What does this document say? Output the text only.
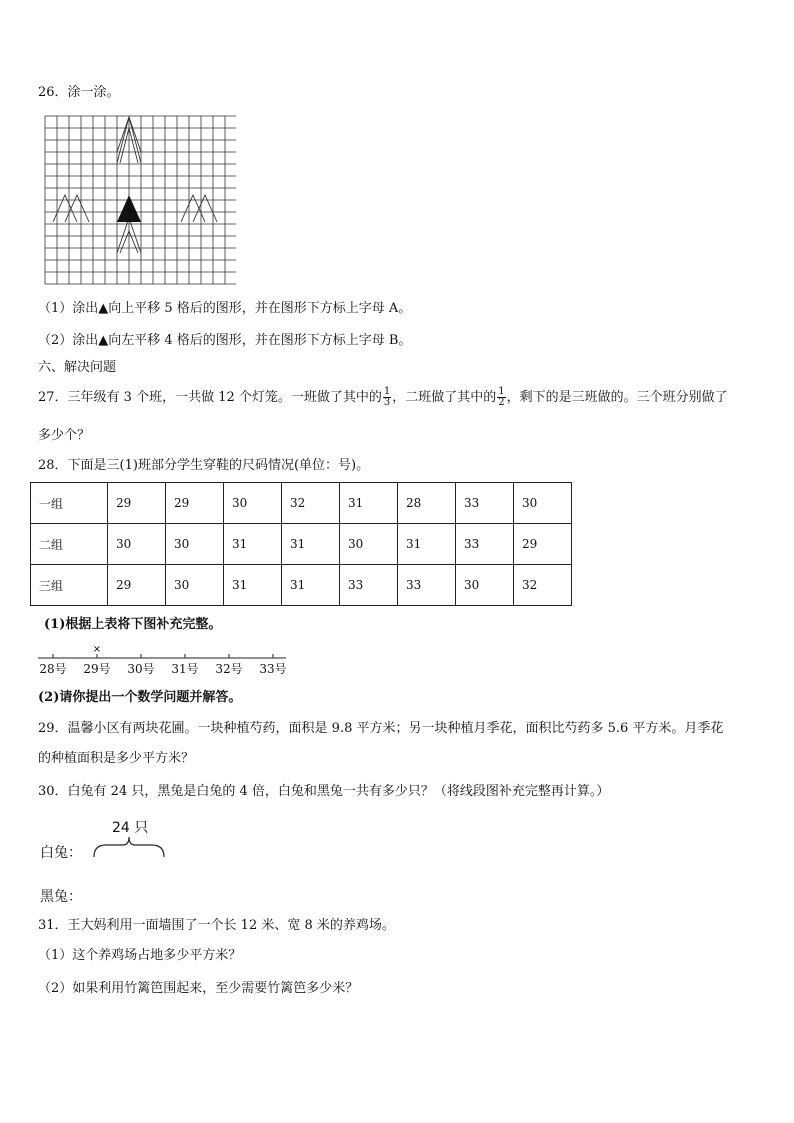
26．涂一涂。
（1）涂出▲向上平移 5 格后的图形，并在图形下方标上字母 A。
（2）涂出▲向左平移 4 格后的图形，并在图形下方标上字母 B。
六、解决问题
27．三年级有 3 个班，一共做 12 个灯笼。一班做了其中的 $\frac{1}{3}$ ，二班做了其中的 $\frac{1}{2}$ ，剩下的是三班做的。三个班分别做了
多少个？
28．下面是三(1)班部分学生穿鞋的尺码情况(单位：号)。
一组	29	29	30	32	31	28	33	30
二组	30	30	31	31	30	31	33	29
三组	29	30	31	31	33	33	30	32
(1)根据上表将下图补充完整。
×
28号 29号 30号 31号 32号 33号
(2)请你提出一个数学问题并解答。
29．温馨小区有两块花圃。一块种植芍药，面积是 9.8 平方米；另一块种植月季花，面积比芍药多 5.6 平方米。月季花
的种植面积是多少平方米？
30．白兔有 24 只，黑兔是白兔的 4 倍，白兔和黑兔一共有多少只？（将线段图补充完整再计算。）
24 只
白兔：
黑兔：
31．王大妈利用一面墙围了一个长 12 米、宽 8 米的养鸡场。
（1）这个养鸡场占地多少平方米？
（2）如果利用竹篱笆围起来，至少需要竹篱笆多少米？
